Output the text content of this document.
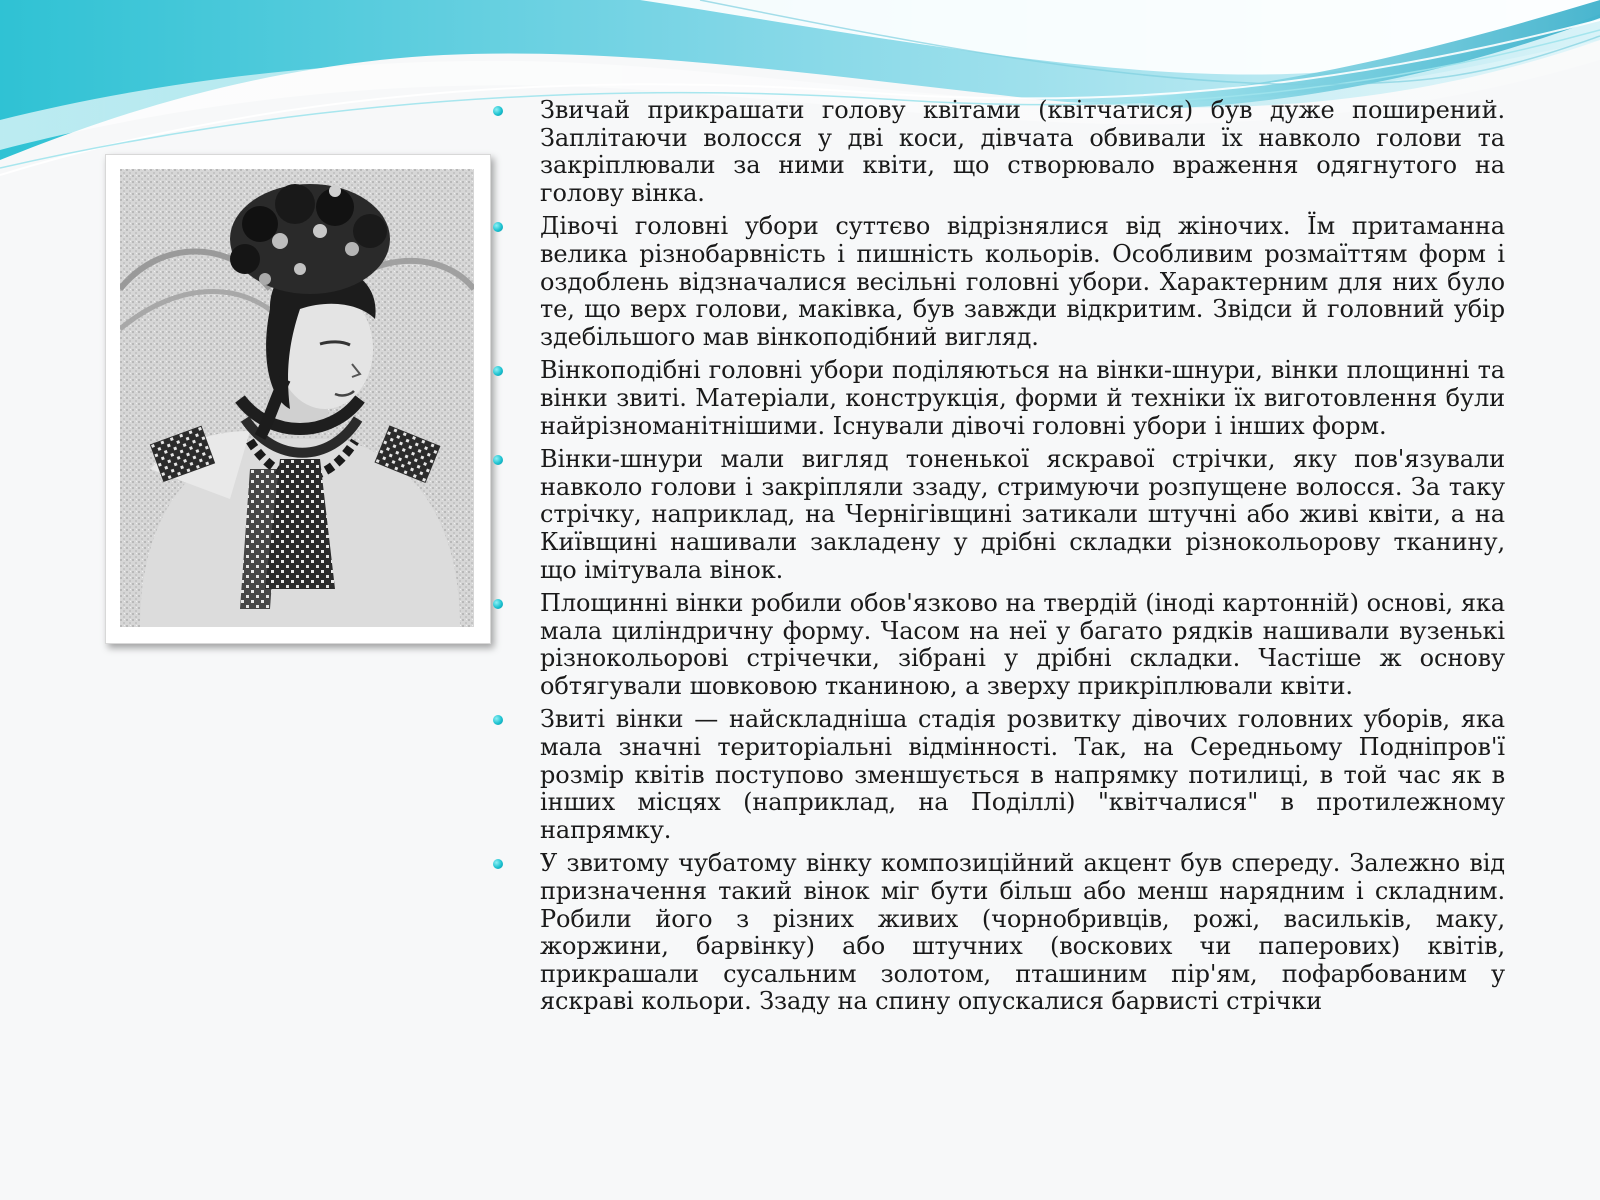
Звичай прикрашати голову квітами (квітчатися) був дуже поширений. Заплітаючи волосся у дві коси, дівчата обвивали їх навколо голови та закріплювали за ними квіти, що створювало враження одягнутого на голову вінка.
Дівочі головні убори суттєво відрізнялися від жіночих. Їм притаманна велика різнобарвність і пишність кольорів. Особливим розмаїттям форм і оздоблень відзначалися весільні головні убори. Характерним для них було те, що верх голови, маківка, був завжди відкритим. Звідси й головний убір здебільшого мав вінкоподібний вигляд.
Вінкоподібні головні убори поділяються на вінки-шнури, вінки площинні та вінки звиті. Матеріали, конструкція, форми й техніки їх виготовлення були найрізноманітнішими. Існували дівочі головні убори і інших форм.
Вінки-шнури мали вигляд тоненької яскравої стрічки, яку пов'язували навколо голови і закріпляли ззаду, стримуючи розпущене волосся. За таку стрічку, наприклад, на Чернігівщині затикали штучні або живі квіти, а на Київщині нашивали закладену у дрібні складки різнокольорову тканину, що імітувала вінок.
Площинні вінки робили обов'язково на твердій (іноді картонній) основі, яка мала циліндричну форму. Часом на неї у багато рядків нашивали вузенькі різнокольорові стрічечки, зібрані у дрібні складки. Частіше ж основу обтягували шовковою тканиною, а зверху прикріплювали квіти.
Звиті вінки — найскладніша стадія розвитку дівочих головних уборів, яка мала значні територіальні відмінності. Так, на Середньому Подніпров'ї розмір квітів поступово зменшується в напрямку потилиці, в той час як в інших місцях (наприклад, на Поділлі) "квітчалися" в протилежному напрямку.
У звитому чубатому вінку композиційний акцент був спереду. Залежно від призначення такий вінок міг бути більш або менш нарядним і складним. Робили його з різних живих (чорнобривців, рожі, васильків, маку, жоржини, барвінку) або штучних (воскових чи паперових) квітів, прикрашали сусальним золотом, пташиним пір'ям, пофарбованим у яскраві кольори. Ззаду на спину опускалися барвисті стрічки
